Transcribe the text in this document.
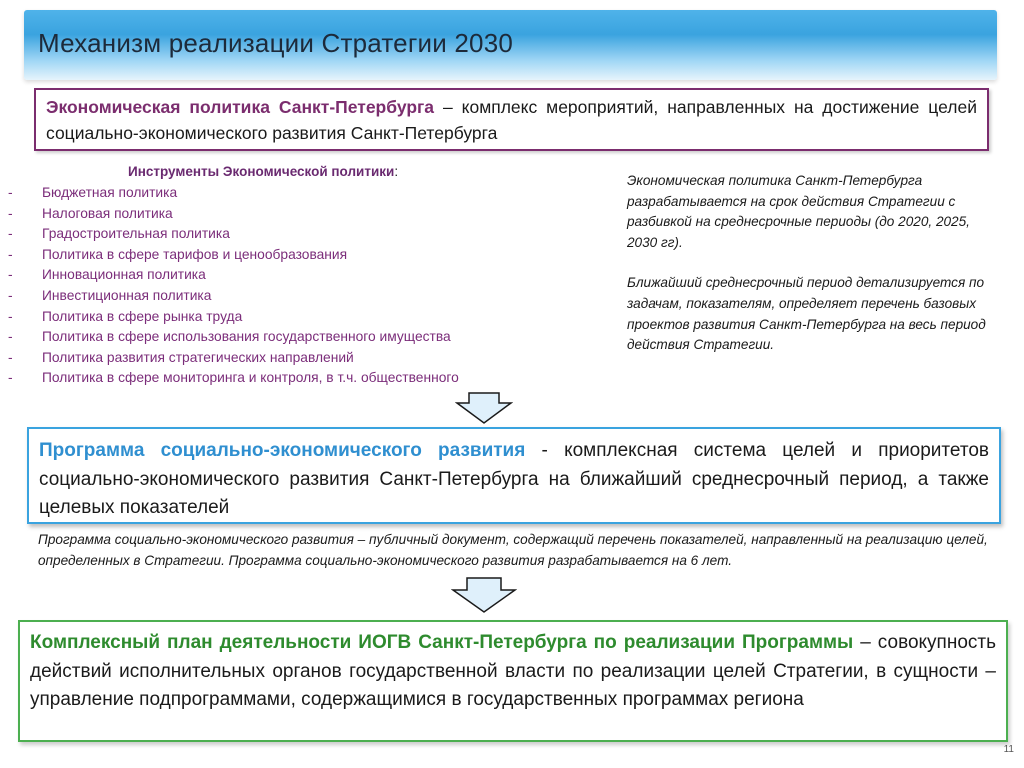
Механизм реализации Стратегии 2030
Экономическая политика Санкт-Петербурга – комплекс мероприятий, направленных на достижение целей социально-экономического развития Санкт-Петербурга
Инструменты Экономической политики:
- Бюджетная политика
- Налоговая политика
- Градостроительная политика
- Политика в сфере тарифов и ценообразования
- Инновационная политика
- Инвестиционная политика
- Политика в сфере рынка труда
- Политика в сфере использования государственного имущества
- Политика развития стратегических направлений
- Политика в сфере мониторинга и контроля, в т.ч. общественного

Экономическая политика Санкт-Петербурга разрабатывается на срок действия Стратегии с разбивкой на среднесрочные периоды (до 2020, 2025, 2030 гг).

Ближайший среднесрочный период детализируется по задачам, показателям, определяет перечень базовых проектов развития Санкт-Петербурга на весь период действия Стратегии.

Программа социально-экономического развития - комплексная система целей и приоритетов социально-экономического развития Санкт-Петербурга на ближайший среднесрочный период, а также целевых показателей
Программа социально-экономического развития – публичный документ, содержащий перечень показателей, направленный на реализацию целей, определенных в Стратегии. Программа социально-экономического развития разрабатывается на 6 лет.
Комплексный план деятельности ИОГВ Санкт-Петербурга по реализации Программы – совокупность действий исполнительных органов государственной власти по реализации целей Стратегии, в сущности – управление подпрограммами, содержащимися в государственных программах региона
11
